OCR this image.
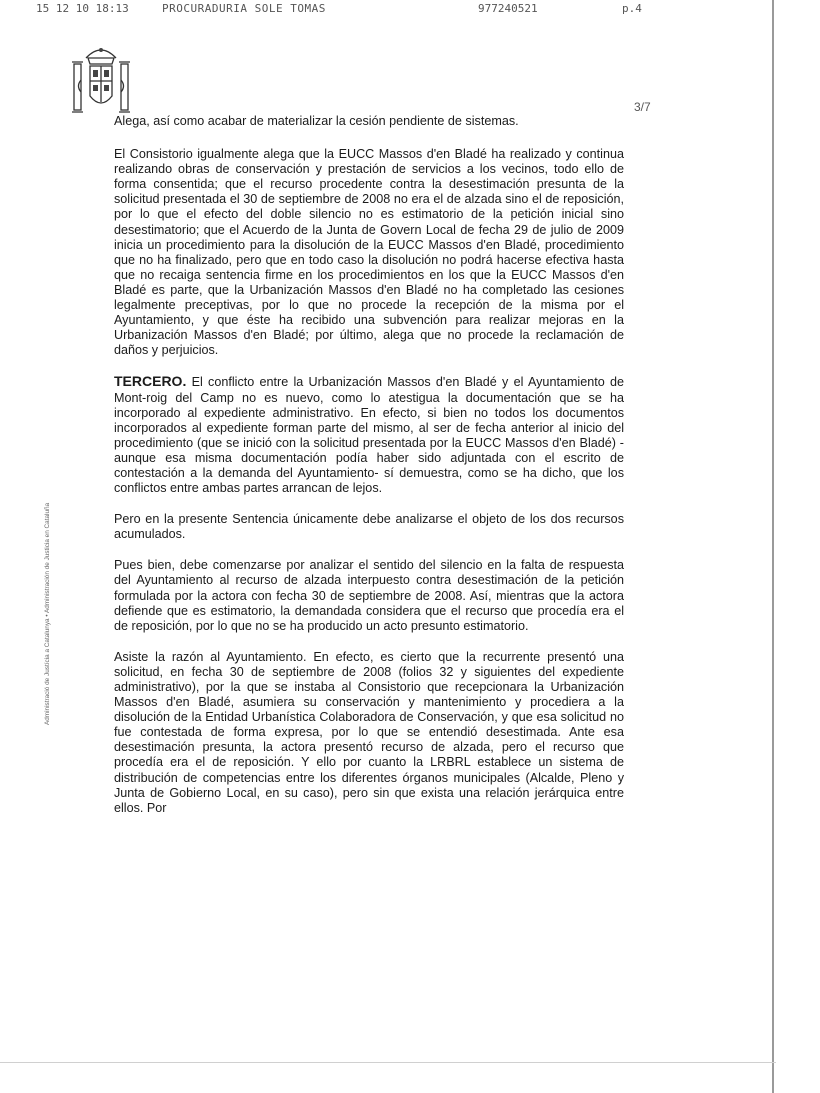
15 12 10 18:13	PROCURADURIA SOLE TOMAS	977240521	p.4
3/7
Administració de Justícia a Catalunya • Administración de Justicia en Cataluña

Alega, así como acabar de materializar la cesión pendiente de sistemas.

El Consistorio igualmente alega que la EUCC Massos d'en Bladé ha realizado y continua realizando obras de conservación y prestación de servicios a los vecinos, todo ello de forma consentida; que el recurso procedente contra la desestimación presunta de la solicitud presentada el 30 de septiembre de 2008 no era el de alzada sino el de reposición, por lo que el efecto del doble silencio no es estimatorio de la petición inicial sino desestimatorio; que el Acuerdo de la Junta de Govern Local de fecha 29 de julio de 2009 inicia un procedimiento para la disolución de la EUCC Massos d'en Bladé, procedimiento que no ha finalizado, pero que en todo caso la disolución no podrá hacerse efectiva hasta que no recaiga sentencia firme en los procedimientos en los que la EUCC Massos d'en Bladé es parte, que la Urbanización Massos d'en Bladé no ha completado las cesiones legalmente preceptivas, por lo que no procede la recepción de la misma por el Ayuntamiento, y que éste ha recibido una subvención para realizar mejoras en la Urbanización Massos d'en Bladé; por último, alega que no procede la reclamación de daños y perjuicios.

TERCERO. El conflicto entre la Urbanización Massos d'en Bladé y el Ayuntamiento de Mont-roig del Camp no es nuevo, como lo atestigua la documentación que se ha incorporado al expediente administrativo. En efecto, si bien no todos los documentos incorporados al expediente forman parte del mismo, al ser de fecha anterior al inicio del procedimiento (que se inició con la solicitud presentada por la EUCC Massos d'en Bladé) -aunque esa misma documentación podía haber sido adjuntada con el escrito de contestación a la demanda del Ayuntamiento- sí demuestra, como se ha dicho, que los conflictos entre ambas partes arrancan de lejos.

Pero en la presente Sentencia únicamente debe analizarse el objeto de los dos recursos acumulados.

Pues bien, debe comenzarse por analizar el sentido del silencio en la falta de respuesta del Ayuntamiento al recurso de alzada interpuesto contra desestimación de la petición formulada por la actora con fecha 30 de septiembre de 2008. Así, mientras que la actora defiende que es estimatorio, la demandada considera que el recurso que procedía era el de reposición, por lo que no se ha producido un acto presunto estimatorio.

Asiste la razón al Ayuntamiento. En efecto, es cierto que la recurrente presentó una solicitud, en fecha 30 de septiembre de 2008 (folios 32 y siguientes del expediente administrativo), por la que se instaba al Consistorio que recepcionara la Urbanización Massos d'en Bladé, asumiera su conservación y mantenimiento y procediera a la disolución de la Entidad Urbanística Colaboradora de Conservación, y que esa solicitud no fue contestada de forma expresa, por lo que se entendió desestimada. Ante esa desestimación presunta, la actora presentó recurso de alzada, pero el recurso que procedía era el de reposición. Y ello por cuanto la LRBRL establece un sistema de distribución de competencias entre los diferentes órganos municipales (Alcalde, Pleno y Junta de Gobierno Local, en su caso), pero sin que exista una relación jerárquica entre ellos. Por
